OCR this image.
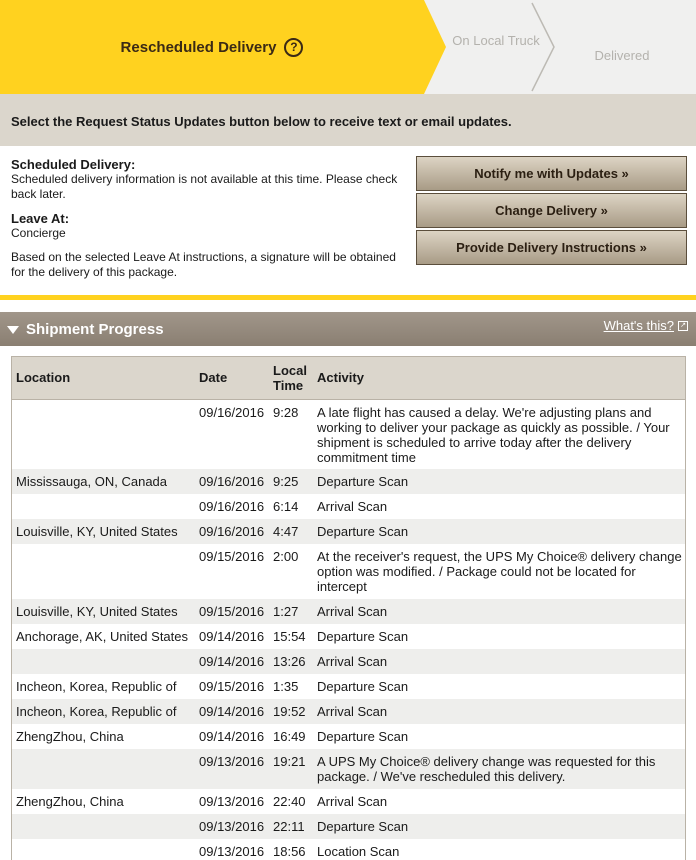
Rescheduled Delivery	?	On Local Truck
Delivered
Select the Request Status Updates button below to receive text or email updates.
Scheduled Delivery:

Scheduled delivery information is not available at this time. Please check back later.

Leave At:

Concierge

Based on the selected Leave At instructions, a signature will be obtained for the delivery of this package.

Notify me with Updates »
Change Delivery »
Provide Delivery Instructions »
Shipment Progress	What's this? ↗
Location	Date	Local Time	Activity
	09/16/2016	9:28	A late flight has caused a delay. We're adjusting plans and working to deliver your package as quickly as possible. / Your shipment is scheduled to arrive today after the delivery commitment time
Mississauga, ON, Canada	09/16/2016	9:25	Departure Scan
	09/16/2016	6:14	Arrival Scan
Louisville, KY, United States	09/16/2016	4:47	Departure Scan
	09/15/2016	2:00	At the receiver's request, the UPS My Choice® delivery change option was modified. / Package could not be located for intercept
Louisville, KY, United States	09/15/2016	1:27	Arrival Scan
Anchorage, AK, United States	09/14/2016	15:54	Departure Scan
	09/14/2016	13:26	Arrival Scan
Incheon, Korea, Republic of	09/15/2016	1:35	Departure Scan
Incheon, Korea, Republic of	09/14/2016	19:52	Arrival Scan
ZhengZhou, China	09/14/2016	16:49	Departure Scan
	09/13/2016	19:21	A UPS My Choice® delivery change was requested for this package. / We've rescheduled this delivery.
ZhengZhou, China	09/13/2016	22:40	Arrival Scan
	09/13/2016	22:11	Departure Scan
	09/13/2016	18:56	Location Scan
